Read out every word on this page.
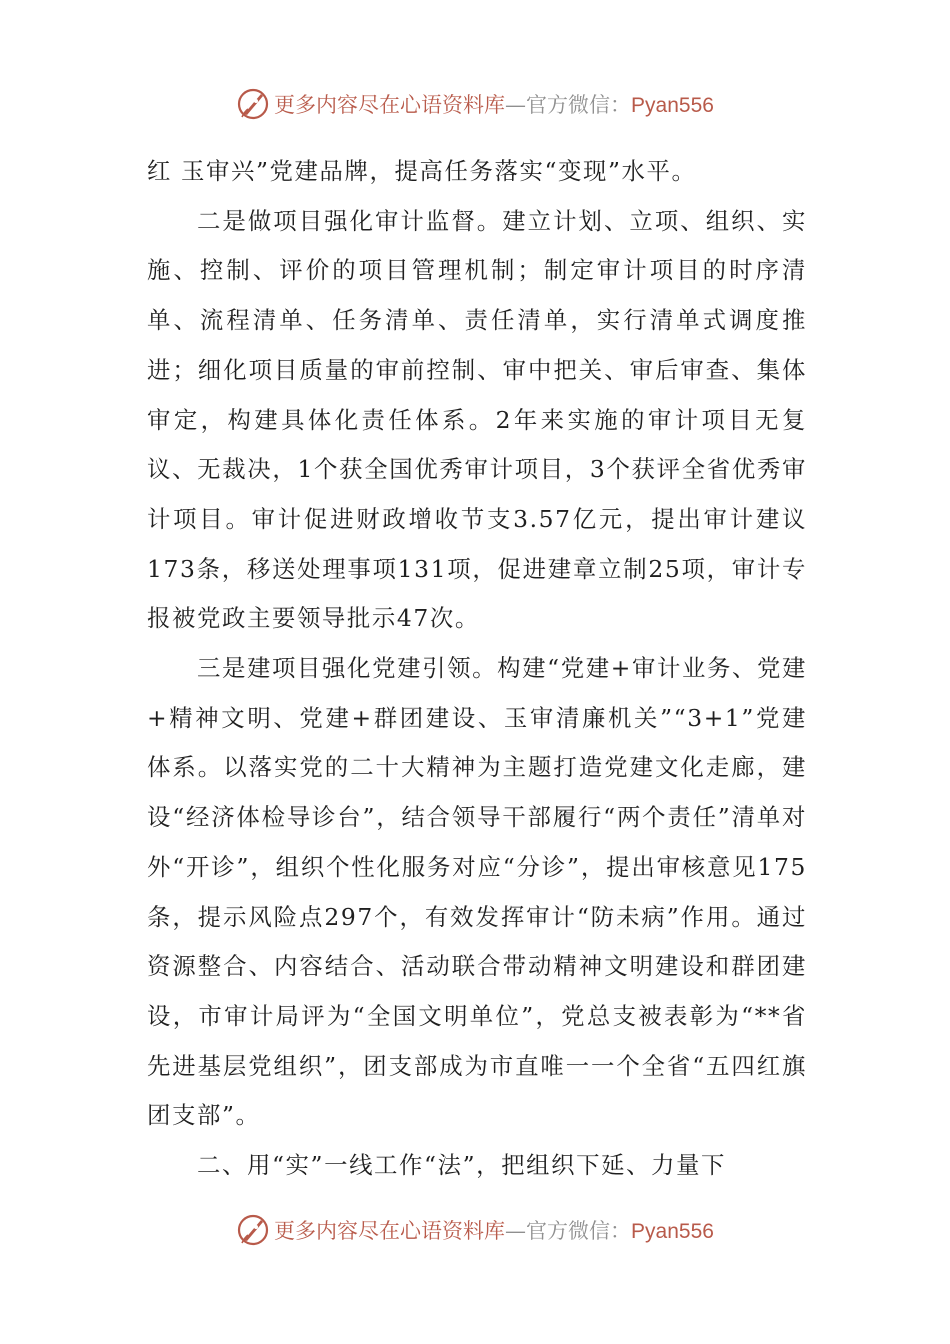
更多内容尽在心语资料库—官方微信：Pyan556

红 玉审兴”党建品牌，提高任务落实“变现”水平。

二是做项目强化审计监督。建立计划、立项、组织、实施、控制、评价的项目管理机制；制定审计项目的时序清单、流程清单、任务清单、责任清单，实行清单式调度推进；细化项目质量的审前控制、审中把关、审后审查、集体审定，构建具体化责任体系。2年来实施的审计项目无复议、无裁决，1个获全国优秀审计项目，3个获评全省优秀审计项目。审计促进财政增收节支3.57亿元，提出审计建议173条，移送处理事项131项，促进建章立制25项，审计专报被党政主要领导批示47次。

三是建项目强化党建引领。构建“党建+审计业务、党建+精神文明、党建+群团建设、玉审清廉机关”“3+1”党建体系。以落实党的二十大精神为主题打造党建文化走廊，建设“经济体检导诊台”，结合领导干部履行“两个责任”清单对外“开诊”，组织个性化服务对应“分诊”，提出审核意见175条，提示风险点297个，有效发挥审计“防未病”作用。通过资源整合、内容结合、活动联合带动精神文明建设和群团建设，市审计局评为“全国文明单位”，党总支被表彰为“**省先进基层党组织”，团支部成为市直唯一一个全省“五四红旗团支部”。

二、用“实”一线工作“法”，把组织下延、力量下

更多内容尽在心语资料库—官方微信：Pyan556
